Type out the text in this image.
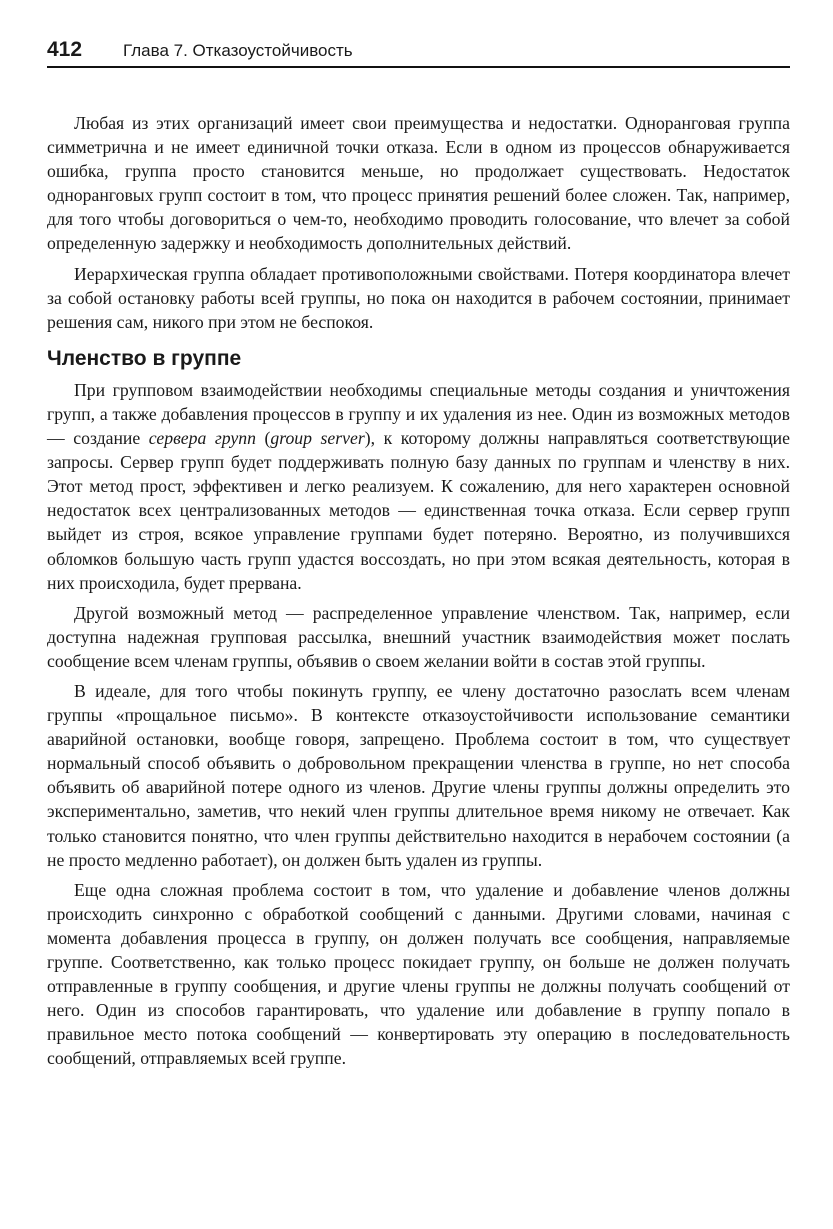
412 Глава 7. Отказоустойчивость

Любая из этих организаций имеет свои преимущества и недостатки. Одноранговая группа симметрична и не имеет единичной точки отказа. Если в одном из процессов обнаруживается ошибка, группа просто становится меньше, но продолжает существовать. Недостаток одноранговых групп состоит в том, что процесс принятия решений более сложен. Так, например, для того чтобы договориться о чем-то, необходимо проводить голосование, что влечет за собой определенную задержку и необходимость дополнительных действий.

Иерархическая группа обладает противоположными свойствами. Потеря координатора влечет за собой остановку работы всей группы, но пока он находится в рабочем состоянии, принимает решения сам, никого при этом не беспокоя.

Членство в группе

При групповом взаимодействии необходимы специальные методы создания и уничтожения групп, а также добавления процессов в группу и их удаления из нее. Один из возможных методов — создание сервера групп (group server), к которому должны направляться соответствующие запросы. Сервер групп будет поддерживать полную базу данных по группам и членству в них. Этот метод прост, эффективен и легко реализуем. К сожалению, для него характерен основной недостаток всех централизованных методов — единственная точка отказа. Если сервер групп выйдет из строя, всякое управление группами будет потеряно. Вероятно, из получившихся обломков большую часть групп удастся воссоздать, но при этом всякая деятельность, которая в них происходила, будет прервана.

Другой возможный метод — распределенное управление членством. Так, например, если доступна надежная групповая рассылка, внешний участник взаимодействия может послать сообщение всем членам группы, объявив о своем желании войти в состав этой группы.

В идеале, для того чтобы покинуть группу, ее члену достаточно разослать всем членам группы «прощальное письмо». В контексте отказоустойчивости использование семантики аварийной остановки, вообще говоря, запрещено. Проблема состоит в том, что существует нормальный способ объявить о добровольном прекращении членства в группе, но нет способа объявить об аварийной потере одного из членов. Другие члены группы должны определить это экспериментально, заметив, что некий член группы длительное время никому не отвечает. Как только становится понятно, что член группы действительно находится в нерабочем состоянии (а не просто медленно работает), он должен быть удален из группы.

Еще одна сложная проблема состоит в том, что удаление и добавление членов должны происходить синхронно с обработкой сообщений с данными. Другими словами, начиная с момента добавления процесса в группу, он должен получать все сообщения, направляемые группе. Соответственно, как только процесс покидает группу, он больше не должен получать отправленные в группу сообщения, и другие члены группы не должны получать сообщений от него. Один из способов гарантировать, что удаление или добавление в группу попало в правильное место потока сообщений — конвертировать эту операцию в последовательность сообщений, отправляемых всей группе.
